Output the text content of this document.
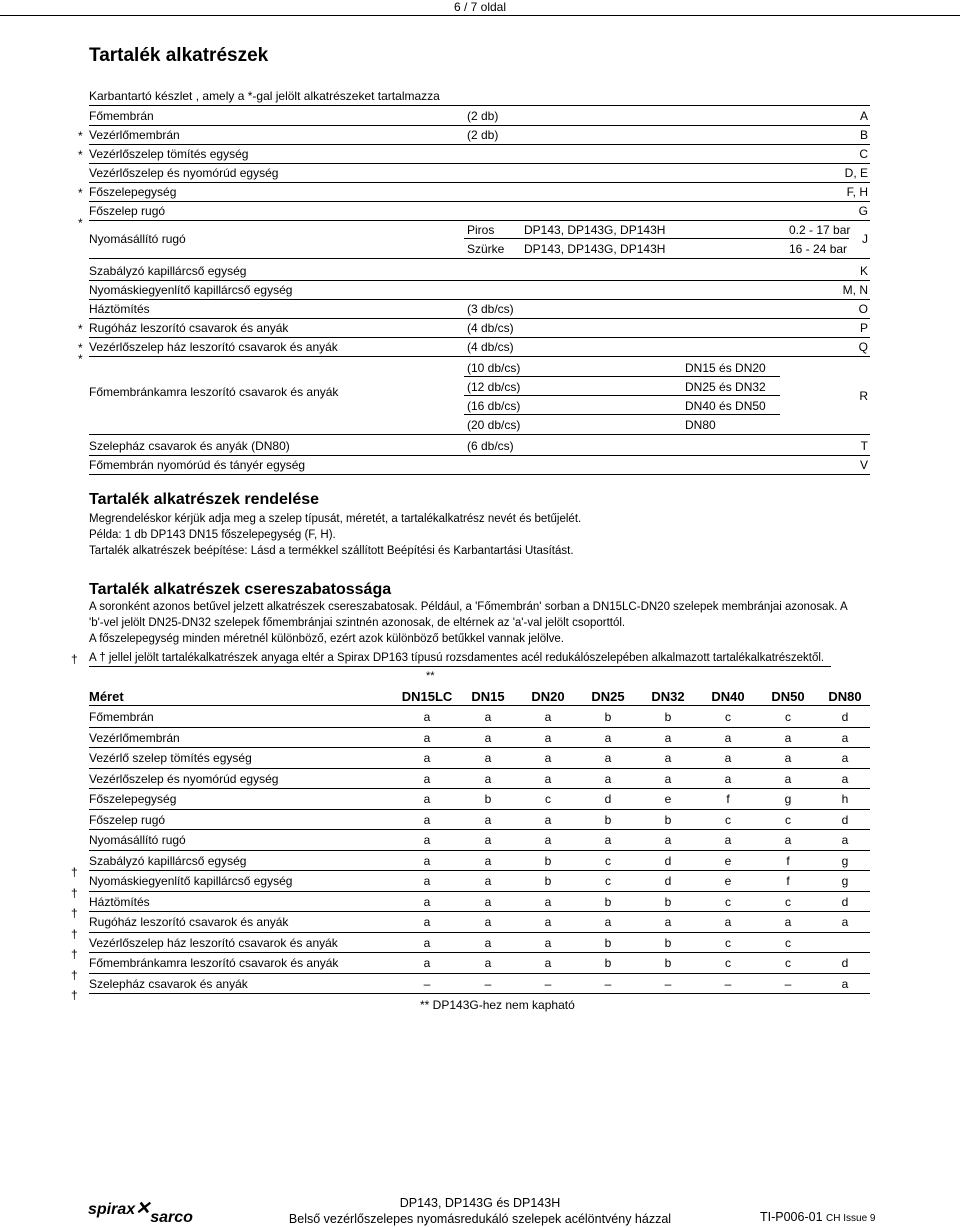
6 / 7 oldal
Tartalék alkatrészek
Karbantartó készlet , amely a *-gal jelölt alkatrészeket tartalmazza
Főmembrán	(2 db)	A
Vezérlőmembrán	(2 db)	B
*
Vezérlőszelep tömítés egység	C
*
Vezérlőszelep és nyomórúd egység	D, E
Főszelepegység	F, H
*
Főszelep rugó	G
Nyomásállító rugó	J
Piros DP143, DP143G, DP143H	0.2 - 17 bar
Szürke DP143, DP143G, DP143H	16 - 24 bar
*
Szabályzó kapillárcső egység	K
Nyomáskiegyenlítő kapillárcső egység	M, N
Háztömítés	(3 db/cs)	O
Rugóház leszorító csavarok és anyák	(4 db/cs)	P
*
Vezérlőszelep ház leszorító csavarok és anyák	(4 db/cs)	Q
*
Főmembránkamra leszorító csavarok és anyák	R
(10 db/cs)	DN15 és DN20
(12 db/cs)	DN25 és DN32
(16 db/cs)	DN40 és DN50
(20 db/cs)	DN80
*
Szelepház csavarok és anyák (DN80)	(6 db/cs)	T
Főmembrán nyomórúd és tányér egység	V
Tartalék alkatrészek rendelése
Megrendeléskor kérjük adja meg a szelep típusát, méretét, a tartalékalkatrész nevét és betűjelét.
Példa: 1 db DP143 DN15 főszelepegység (F, H).
Tartalék alkatrészek beépítése: Lásd a termékkel szállított Beépítési és Karbantartási Utasítást.
Tartalék alkatrészek csereszabatossága
A soronként azonos betűvel jelzett alkatrészek csereszabatosak. Például, a 'Főmembrán' sorban a DN15LC-DN20 szelepek membránjai azonosak. A
'b'-vel jelölt DN25-DN32 szelepek főmembránjai szintnén azonosak, de eltérnek az 'a'-val jelölt csoporttól.
A főszelepegység minden méretnél különböző, ezért azok különböző betűkkel vannak jelölve.
† A † jellel jelölt tartalékalkatrészek anyaga eltér a Spirax DP163 típusú rozsdamentes acél redukálószelepében alkalmazott tartalékalkatrészektől.
**
Méret	DN15LC	DN15	DN20	DN25	DN32	DN40	DN50	DN80
Főmembrán	a	a	a	b	b	c	c	d
Vezérlőmembrán	a	a	a	a	a	a	a	a
Vezérlő szelep tömítés egység	a	a	a	a	a	a	a	a
Vezérlőszelep és nyomórúd egység	a	a	a	a	a	a	a	a
Főszelepegység	a	b	c	d	e	f	g	h
Főszelep rugó	a	a	a	b	b	c	c	d
Nyomásállító rugó	a	a	a	a	a	a	a	a
Szabályzó kapillárcső egység	a	a	b	c	d	e	f	g
Nyomáskiegyenlítő kapillárcső egység	a	a	b	c	d	e	f	g
†
Háztömítés	a	a	a	b	b	c	c	d
†
Rugóház leszorító csavarok és anyák	a	a	a	a	a	a	a	a
†
Vezérlőszelep ház leszorító csavarok és anyák	a	a	a	b	b	c	c
†
Főmembránkamra leszorító csavarok és anyák	a	a	a	b	b	c	c	d
†
Szelepház csavarok és anyák	–	–	–	–	–	–	–	a
†
†
** DP143G-hez nem kapható
spirax✕sarco
DP143, DP143G és DP143H
Belső vezérlőszelepes nyomásredukáló szelepek acélöntvény házzal	TI-P006-01 CH Issue 9
